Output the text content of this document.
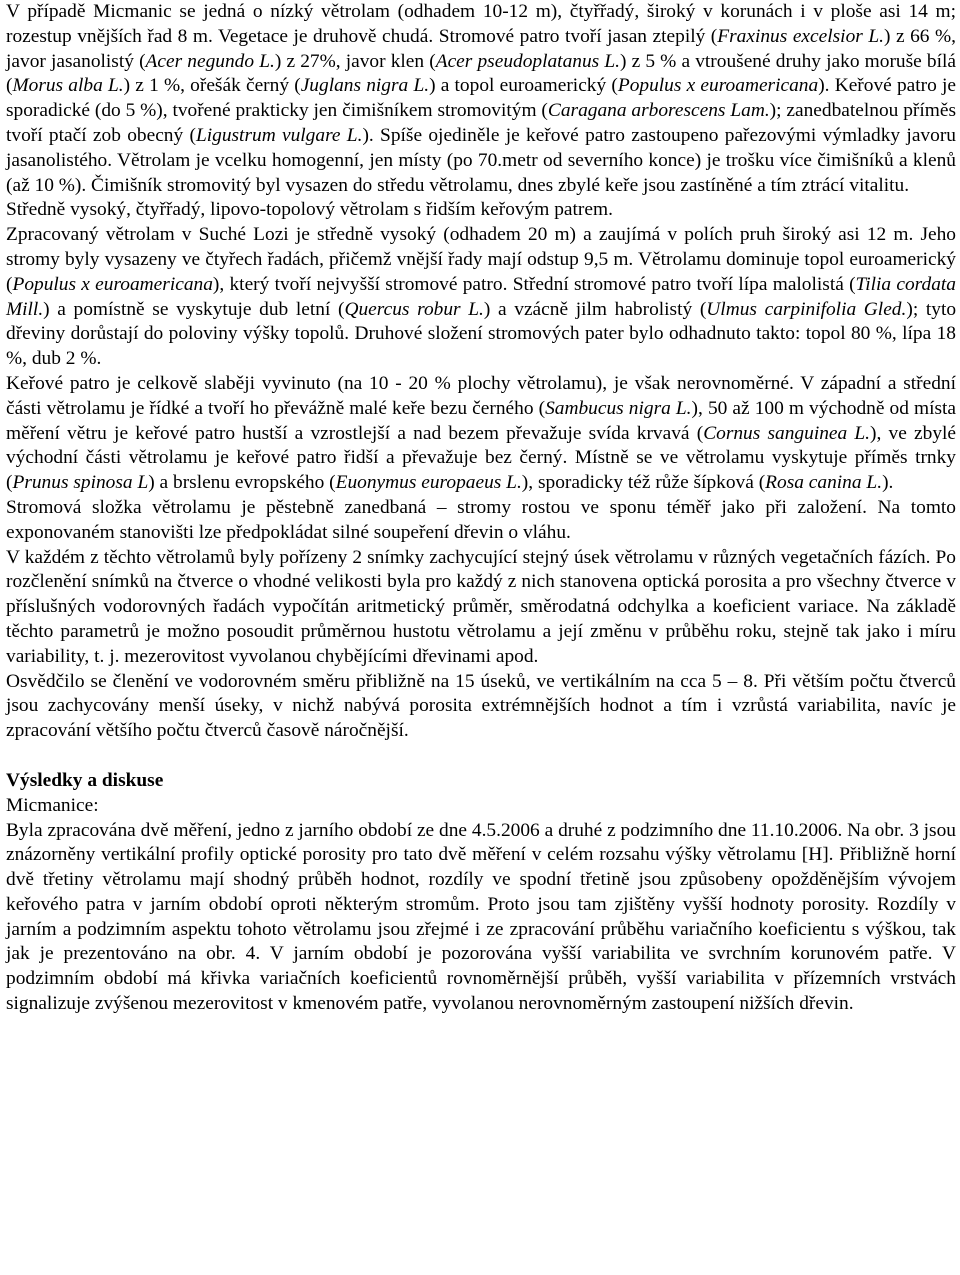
V případě Micmanic se jedná o nízký větrolam (odhadem 10-12 m), čtyřřadý, široký v korunách i v ploše asi 14 m; rozestup vnějších řad 8 m. Vegetace je druhově chudá. Stromové patro tvoří jasan ztepilý (Fraxinus excelsior L.) z 66 %, javor jasanolistý (Acer negundo L.) z 27%, javor klen (Acer pseudoplatanus L.) z 5 % a vtroušené druhy jako moruše bílá (Morus alba L.) z 1 %, ořešák černý (Juglans nigra L.) a topol euroamerický (Populus x euroamericana). Keřové patro je sporadické (do 5 %), tvořené prakticky jen čimišníkem stromovitým (Caragana arborescens Lam.); zanedbatelnou příměs tvoří ptačí zob obecný (Ligustrum vulgare L.). Spíše ojediněle je keřové patro zastoupeno pařezovými výmladky javoru jasanolistého. Větrolam je vcelku homogenní, jen místy (po 70.metr od severního konce) je trošku více čimišníků a klenů (až 10 %). Čimišník stromovitý byl vysazen do středu větrolamu, dnes zbylé keře jsou zastíněné a tím ztrácí vitalitu.

Středně vysoký, čtyřřadý, lipovo-topolový větrolam s řidším keřovým patrem.

Zpracovaný větrolam v Suché Lozi je středně vysoký (odhadem 20 m) a zaujímá v polích pruh široký asi 12 m. Jeho stromy byly vysazeny ve čtyřech řadách, přičemž vnější řady mají odstup 9,5 m. Větrolamu dominuje topol euroamerický (Populus x euroamericana), který tvoří nejvyšší stromové patro. Střední stromové patro tvoří lípa malolistá (Tilia cordata Mill.) a pomístně se vyskytuje dub letní (Quercus robur L.) a vzácně jilm habrolistý (Ulmus carpinifolia Gled.); tyto dřeviny dorůstají do poloviny výšky topolů. Druhové složení stromových pater bylo odhadnuto takto: topol 80 %, lípa 18 %, dub 2 %.

Keřové patro je celkově slaběji vyvinuto (na 10 - 20 % plochy větrolamu), je však nerovnoměrné. V západní a střední části větrolamu je řídké a tvoří ho převážně malé keře bezu černého (Sambucus nigra L.), 50 až 100 m východně od místa měření větru je keřové patro hustší a vzrostlejší a nad bezem převažuje svída krvavá (Cornus sanguinea L.), ve zbylé východní části větrolamu je keřové patro řidší a převažuje bez černý. Místně se ve větrolamu vyskytuje příměs trnky (Prunus spinosa L) a brslenu evropského (Euonymus europaeus L.), sporadicky též růže šípková (Rosa canina L.).

Stromová složka větrolamu je pěstebně zanedbaná – stromy rostou ve sponu téměř jako při založení. Na tomto exponovaném stanovišti lze předpokládat silné soupeření dřevin o vláhu.

V každém z těchto větrolamů byly pořízeny 2 snímky zachycující stejný úsek větrolamu v různých vegetačních fázích. Po rozčlenění snímků na čtverce o vhodné velikosti byla pro každý z nich stanovena optická porosita a pro všechny čtverce v příslušných vodorovných řadách vypočítán aritmetický průměr, směrodatná odchylka a koeficient variace. Na základě těchto parametrů je možno posoudit průměrnou hustotu větrolamu a její změnu v průběhu roku, stejně tak jako i míru variability, t. j. mezerovitost vyvolanou chybějícími dřevinami apod.

Osvědčilo se členění ve vodorovném směru přibližně na 15 úseků, ve vertikálním na cca 5 – 8. Při větším počtu čtverců jsou zachycovány menší úseky, v nichž nabývá porosita extrémnějších hodnot a tím i vzrůstá variabilita, navíc je zpracování většího počtu čtverců časově náročnější.

Výsledky a diskuse

Micmanice:

Byla zpracována dvě měření, jedno z jarního období ze dne 4.5.2006 a druhé z podzimního dne 11.10.2006. Na obr. 3 jsou znázorněny vertikální profily optické porosity pro tato dvě měření v celém rozsahu výšky větrolamu [H]. Přibližně horní dvě třetiny větrolamu mají shodný průběh hodnot, rozdíly ve spodní třetině jsou způsobeny opožděnějším vývojem keřového patra v jarním období oproti některým stromům. Proto jsou tam zjištěny vyšší hodnoty porosity. Rozdíly v jarním a podzimním aspektu tohoto větrolamu jsou zřejmé i ze zpracování průběhu variačního koeficientu s výškou, tak jak je prezentováno na obr. 4. V jarním období je pozorována vyšší variabilita ve svrchním korunovém patře. V podzimním období má křivka variačních koeficientů rovnoměrnější průběh, vyšší variabilita v přízemních vrstvách signalizuje zvýšenou mezerovitost v kmenovém patře, vyvolanou nerovnoměrným zastoupení nižších dřevin.
